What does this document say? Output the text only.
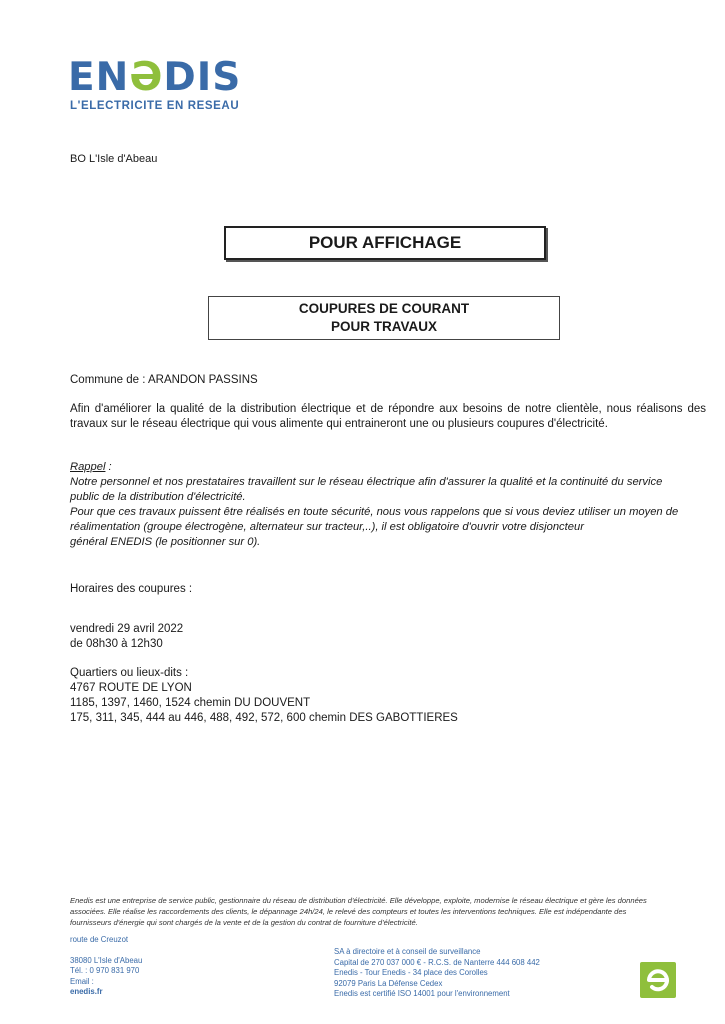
ENƏDIS
L'ELECTRICITE EN RESEAU
BO L'Isle d'Abeau
POUR AFFICHAGE
COUPURES DE COURANT
POUR TRAVAUX
Commune de : ARANDON PASSINS
Afin d'améliorer la qualité de la distribution électrique et de répondre aux besoins de notre clientèle, nous réalisons des travaux sur le réseau électrique qui vous alimente qui entraineront une ou plusieurs coupures d'électricité.
Rappel :
Notre personnel et nos prestataires travaillent sur le réseau électrique afin d'assurer la qualité et la continuité du service
public de la distribution d'électricité.
Pour que ces travaux puissent être réalisés en toute sécurité, nous vous rappelons que si vous deviez utiliser un moyen de
réalimentation (groupe électrogène, alternateur sur tracteur,..), il est obligatoire d'ouvrir votre disjoncteur
général ENEDIS (le positionner sur 0).
Horaires des coupures :
vendredi 29 avril 2022
de 08h30 à 12h30
Quartiers ou lieux-dits :
4767 ROUTE DE LYON
1185, 1397, 1460, 1524 chemin DU DOUVENT
175, 311, 345, 444 au 446, 488, 492, 572, 600 chemin DES GABOTTIERES
Enedis est une entreprise de service public, gestionnaire du réseau de distribution d'électricité. Elle développe, exploite, modernise le réseau électrique et gère les données
associées. Elle réalise les raccordements des clients, le dépannage 24h/24, le relevé des compteurs et toutes les interventions techniques. Elle est indépendante des
fournisseurs d'énergie qui sont chargés de la vente et de la gestion du contrat de fourniture d'électricité.
route de Creuzot
38080 L'Isle d'Abeau
Tél. : 0 970 831 970
Email :
enedis.fr
SA à directoire et à conseil de surveillance
Capital de 270 037 000 € - R.C.S. de Nanterre 444 608 442
Enedis - Tour Enedis - 34 place des Corolles
92079 Paris La Défense Cedex
Enedis est certifié ISO 14001 pour l'environnement
